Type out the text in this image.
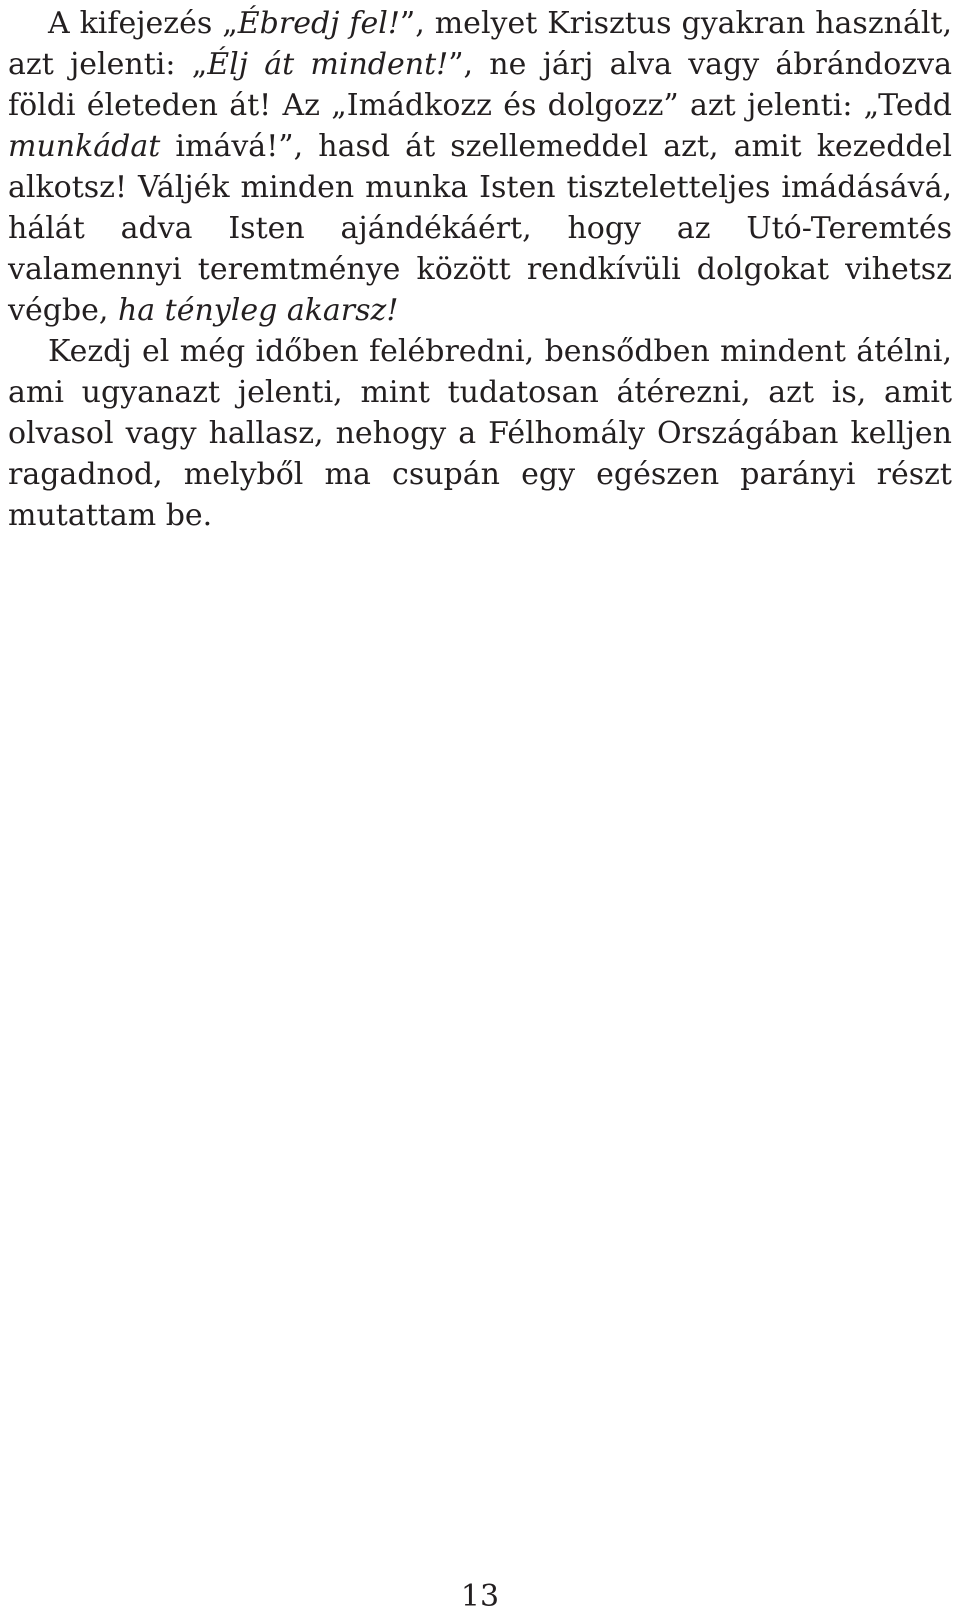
A kifejezés „Ébredj fel!”, melyet Krisztus gyakran használt, azt jelenti: „Élj át mindent!”, ne járj alva vagy ábrándozva földi életeden át! Az „Imádkozz és dolgozz” azt jelenti: „Tedd munkádat imává!”, hasd át szellemeddel azt, amit kezeddel alkotsz! Váljék minden munka Isten tiszteletteljes imádásává, hálát adva Isten ajándékáért, hogy az Utó-Teremtés valamennyi teremtménye között rendkívüli dolgokat vihetsz végbe, ha tényleg akarsz!

Kezdj el még időben felébredni, bensődben mindent átélni, ami ugyanazt jelenti, mint tudatosan átérezni, azt is, amit olvasol vagy hallasz, nehogy a Félhomály Országában kelljen ragadnod, melyből ma csupán egy egészen parányi részt mutattam be.

13
